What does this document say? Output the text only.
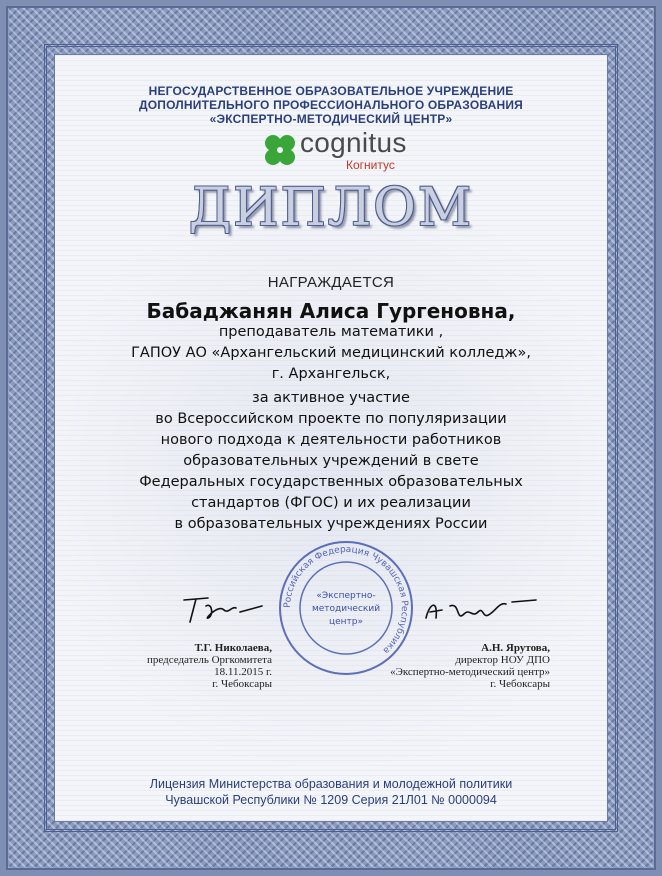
НЕГОСУДАРСТВЕННОЕ ОБРАЗОВАТЕЛЬНОЕ УЧРЕЖДЕНИЕ
ДОПОЛНИТЕЛЬНОГО ПРОФЕССИОНАЛЬНОГО ОБРАЗОВАНИЯ
«ЭКСПЕРТНО-МЕТОДИЧЕСКИЙ ЦЕНТР»
cognitus
Когнитус
ДИПЛОМ
НАГРАЖДАЕТСЯ
Бабаджанян Алиса Гургеновна,
преподаватель математики ,
ГАПОУ АО «Архангельский медицинский колледж»,
г. Архангельск,
за активное участие
во Всероссийском проекте по популяризации
нового подхода к деятельности работников
образовательных учреждений в свете
Федеральных государственных образовательных
стандартов (ФГОС) и их реализации
в образовательных учреждениях России
Российская Федерация Чувашская Республика
«Экспертно-
методический
центр»
Т.Г. Николаева,
председатель Оргкомитета
18.11.2015 г.
г. Чебоксары
А.Н. Ярутова,
директор НОУ ДПО
«Экспертно-методический центр»
г. Чебоксары
Лицензия Министерства образования и молодежной политики
Чувашской Республики № 1209 Серия 21Л01 № 0000094
